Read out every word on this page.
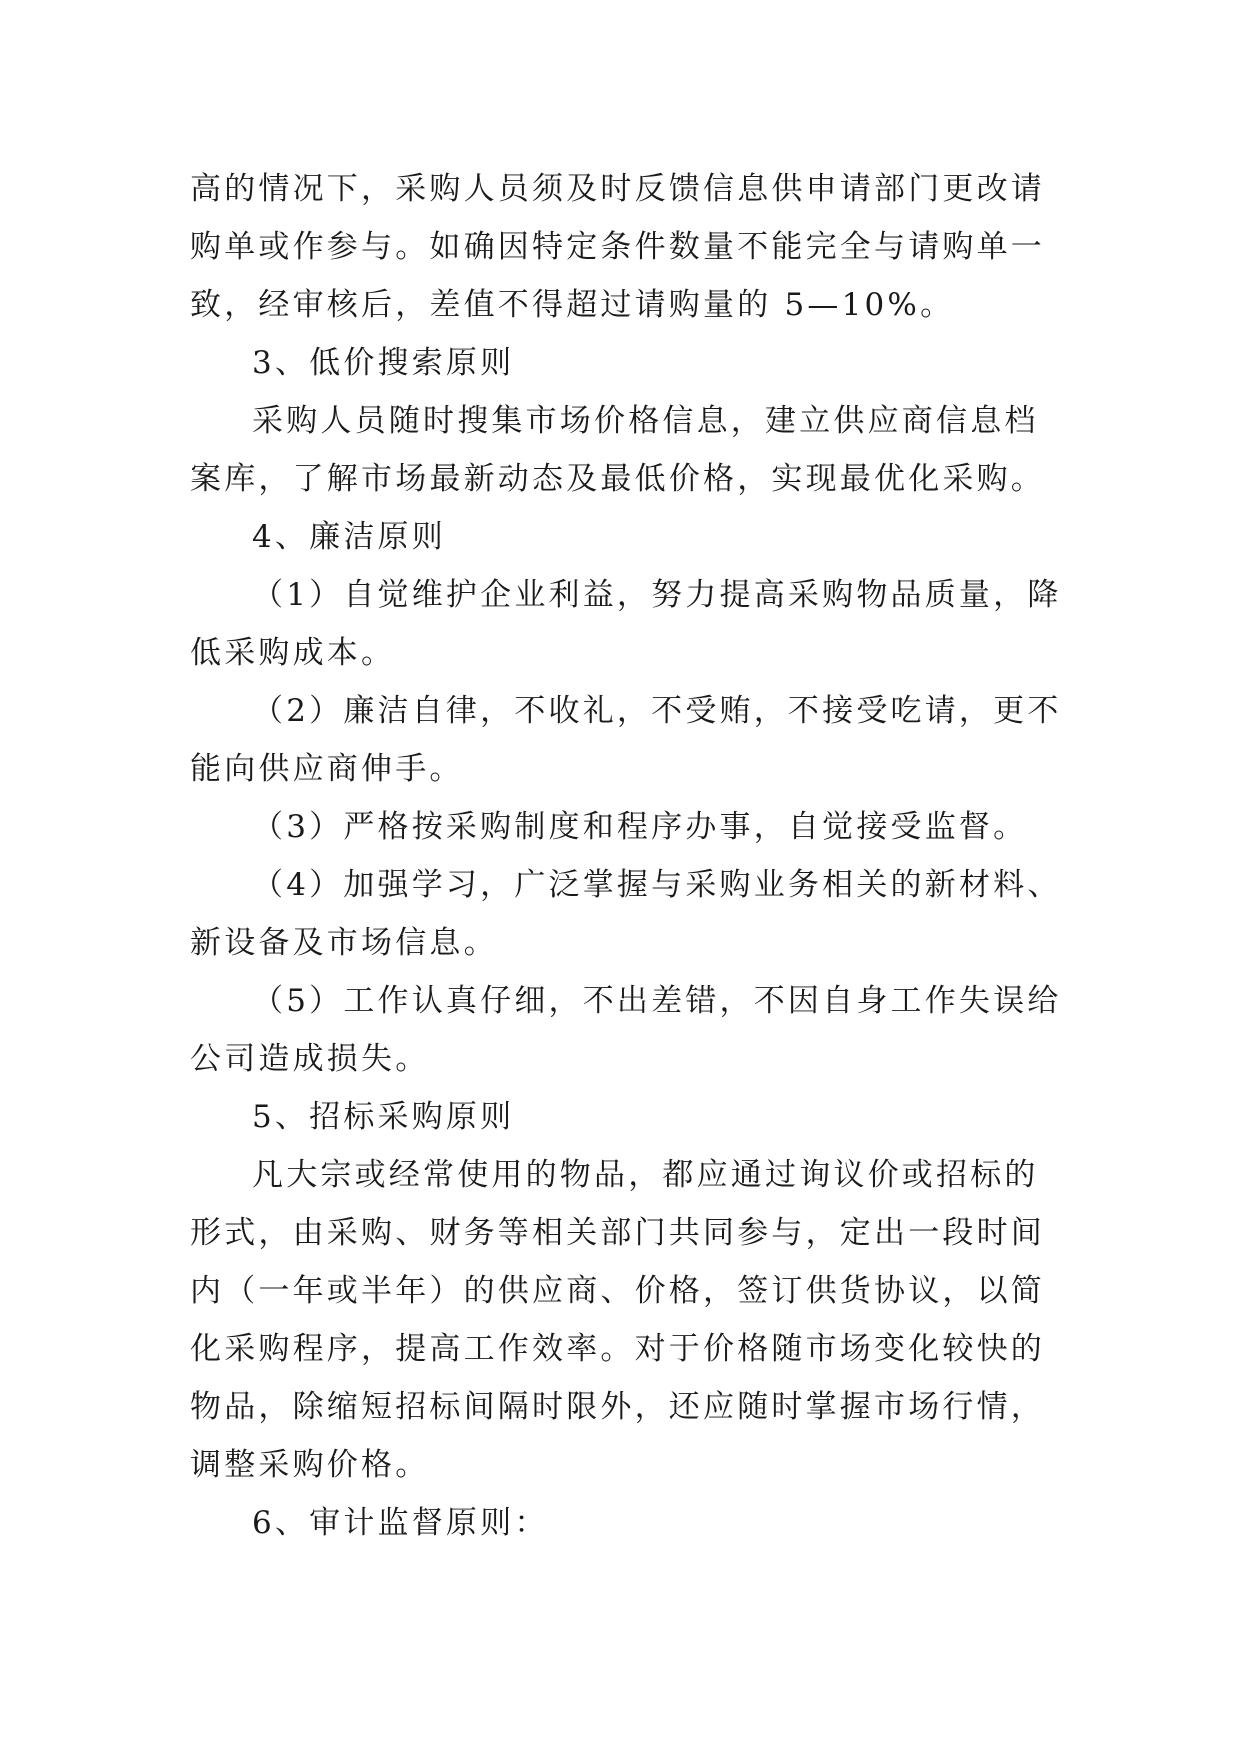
高的情况下，采购人员须及时反馈信息供申请部门更改请购单或作参与。如确因特定条件数量不能完全与请购单一致，经审核后，差值不得超过请购量的 5—10%。

3、低价搜索原则

采购人员随时搜集市场价格信息，建立供应商信息档案库，了解市场最新动态及最低价格，实现最优化采购。

4、廉洁原则

（1）自觉维护企业利益，努力提高采购物品质量，降低采购成本。

（2）廉洁自律，不收礼，不受贿，不接受吃请，更不能向供应商伸手。

（3）严格按采购制度和程序办事，自觉接受监督。

（4）加强学习，广泛掌握与采购业务相关的新材料、新设备及市场信息。

（5）工作认真仔细，不出差错，不因自身工作失误给公司造成损失。

5、招标采购原则

凡大宗或经常使用的物品，都应通过询议价或招标的形式，由采购、财务等相关部门共同参与，定出一段时间内（一年或半年）的供应商、价格，签订供货协议，以简化采购程序，提高工作效率。对于价格随市场变化较快的物品，除缩短招标间隔时限外，还应随时掌握市场行情，调整采购价格。

6、审计监督原则：
